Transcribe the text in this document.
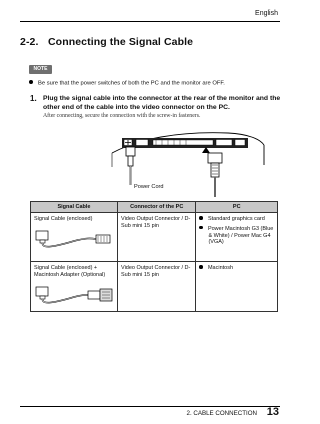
English
2-2. Connecting the Signal Cable
NOTE
Be sure that the power switches of both the PC and the monitor are OFF.
1. Plug the signal cable into the connector at the rear of the monitor and the other end of the cable into the video connector on the PC.
After connecting, secure the connection with the screw-in fasteners.
Power Cord
Signal Cable	Connector of the PC	PC
Signal Cable (enclosed)	Video Output Connector / D-Sub mini 15 pin	Standard graphics card
Power Macintosh G3 (Blue & White) / Power Mac G4 (VGA)

Signal Cable (enclosed) + Macintosh Adapter (Optional)	Video Output Connector / D-Sub mini 15 pin	Macintosh
2. CABLE CONNECTION 13
